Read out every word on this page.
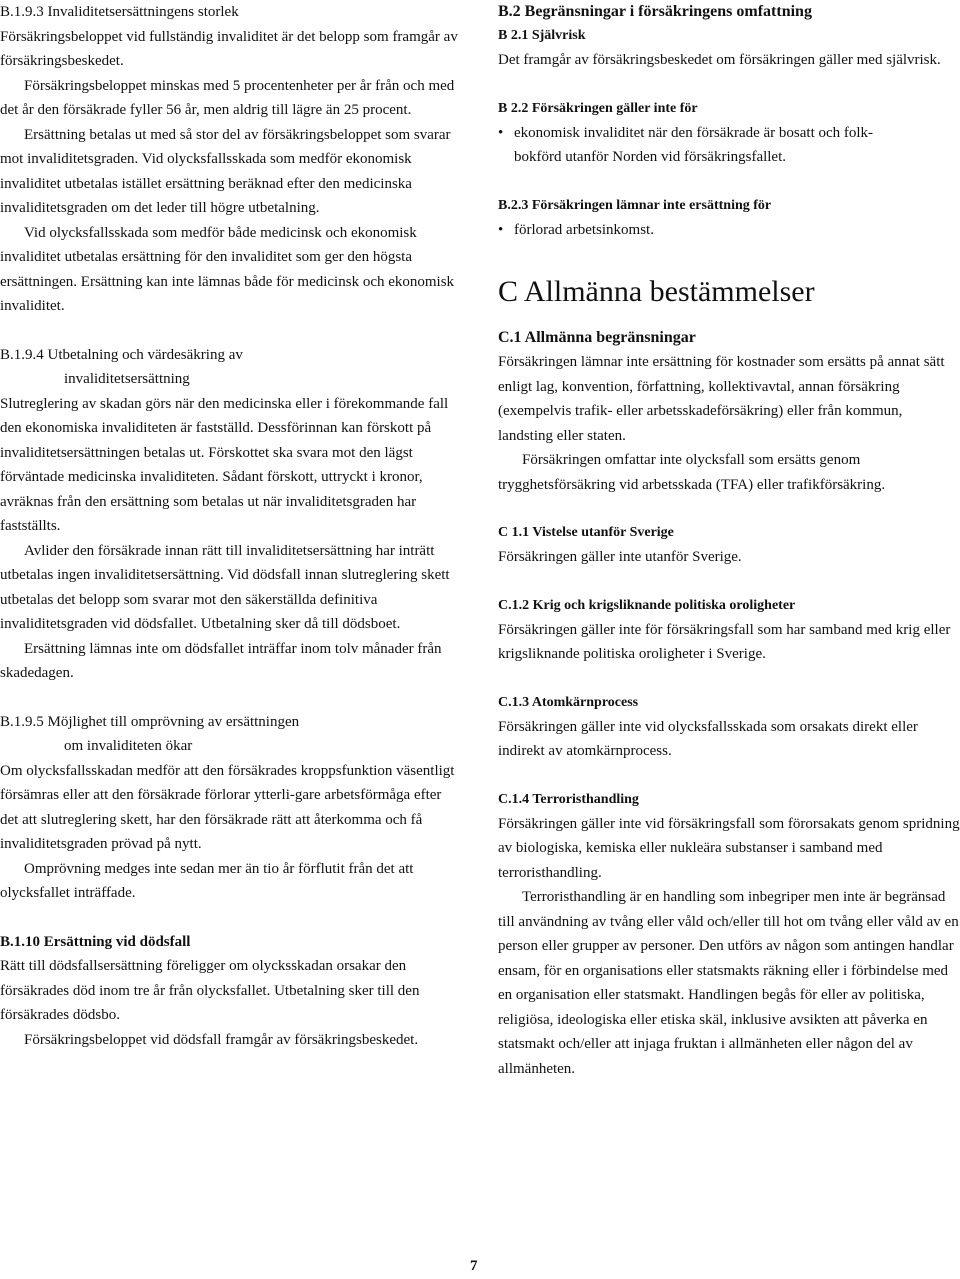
B.1.9.3 Invaliditetsersättningens storlek

Försäkringsbeloppet vid fullständig invaliditet är det belopp som framgår av försäkringsbeskedet.

Försäkringsbeloppet minskas med 5 procentenheter per år från och med det år den försäkrade fyller 56 år, men aldrig till lägre än 25 procent.

Ersättning betalas ut med så stor del av försäkringsbeloppet som svarar mot invaliditetsgraden. Vid olycksfallsskada som medför ekonomisk invaliditet utbetalas istället ersättning beräknad efter den medicinska invaliditetsgraden om det leder till högre utbetalning.

Vid olycksfallsskada som medför både medicinsk och ekonomisk invaliditet utbetalas ersättning för den invaliditet som ger den högsta ersättningen. Ersättning kan inte lämnas både för medicinsk och ekonomisk invaliditet.

B.1.9.4 Utbetalning och värdesäkring av

invaliditetsersättning

Slutreglering av skadan görs när den medicinska eller i förekommande fall den ekonomiska invaliditeten är fastställd. Dessförinnan kan förskott på invaliditetsersättningen betalas ut. Förskottet ska svara mot den lägst förväntade medicinska invaliditeten. Sådant förskott, uttryckt i kronor, avräknas från den ersättning som betalas ut när invaliditetsgraden har fastställts.

Avlider den försäkrade innan rätt till invaliditetsersättning har inträtt utbetalas ingen invaliditetsersättning. Vid dödsfall innan slutreglering skett utbetalas det belopp som svarar mot den säkerställda definitiva invaliditetsgraden vid dödsfallet. Utbetalning sker då till dödsboet.

Ersättning lämnas inte om dödsfallet inträffar inom tolv månader från skadedagen.

B.1.9.5 Möjlighet till omprövning av ersättningen

om invaliditeten ökar

Om olycksfallsskadan medför att den försäkrades kroppsfunktion väsentligt försämras eller att den försäkrade förlorar ytterli-gare arbetsförmåga efter det att slutreglering skett, har den försäkrade rätt att återkomma och få invaliditetsgraden prövad på nytt.

Omprövning medges inte sedan mer än tio år förflutit från det att olycksfallet inträffade.

B.1.10 Ersättning vid dödsfall

Rätt till dödsfallsersättning föreligger om olycksskadan orsakar den försäkrades död inom tre år från olycksfallet. Utbetalning sker till den försäkrades dödsbo.

Försäkringsbeloppet vid dödsfall framgår av försäkringsbeskedet.

B.2 Begränsningar i försäkringens omfattning

B 2.1 Självrisk

Det framgår av försäkringsbeskedet om försäkringen gäller med självrisk.

B 2.2 Försäkringen gäller inte för

• ekonomisk invaliditet när den försäkrade är bosatt och folk-
bokförd utanför Norden vid försäkringsfallet.

B.2.3 Försäkringen lämnar inte ersättning för

• förlorad arbetsinkomst.
C Allmänna bestämmelser

C.1 Allmänna begränsningar

Försäkringen lämnar inte ersättning för kostnader som ersätts på annat sätt enligt lag, konvention, författning, kollektivavtal, annan försäkring (exempelvis trafik- eller arbetsskadeförsäkring) eller från kommun, landsting eller staten.

Försäkringen omfattar inte olycksfall som ersätts genom trygghetsförsäkring vid arbetsskada (TFA) eller trafikförsäkring.

C 1.1 Vistelse utanför Sverige

Försäkringen gäller inte utanför Sverige.

C.1.2 Krig och krigsliknande politiska oroligheter

Försäkringen gäller inte för försäkringsfall som har samband med krig eller krigsliknande politiska oroligheter i Sverige.

C.1.3 Atomkärnprocess

Försäkringen gäller inte vid olycksfallsskada som orsakats direkt eller indirekt av atomkärnprocess.

C.1.4 Terroristhandling

Försäkringen gäller inte vid försäkringsfall som förorsakats genom spridning av biologiska, kemiska eller nukleära substanser i samband med terroristhandling.

Terroristhandling är en handling som inbegriper men inte är begränsad till användning av tvång eller våld och/eller till hot om tvång eller våld av en person eller grupper av personer. Den utförs av någon som antingen handlar ensam, för en organisations eller statsmakts räkning eller i förbindelse med en organisation eller statsmakt. Handlingen begås för eller av politiska, religiösa, ideologiska eller etiska skäl, inklusive avsikten att påverka en statsmakt och/eller att injaga fruktan i allmänheten eller någon del av allmänheten.

7
